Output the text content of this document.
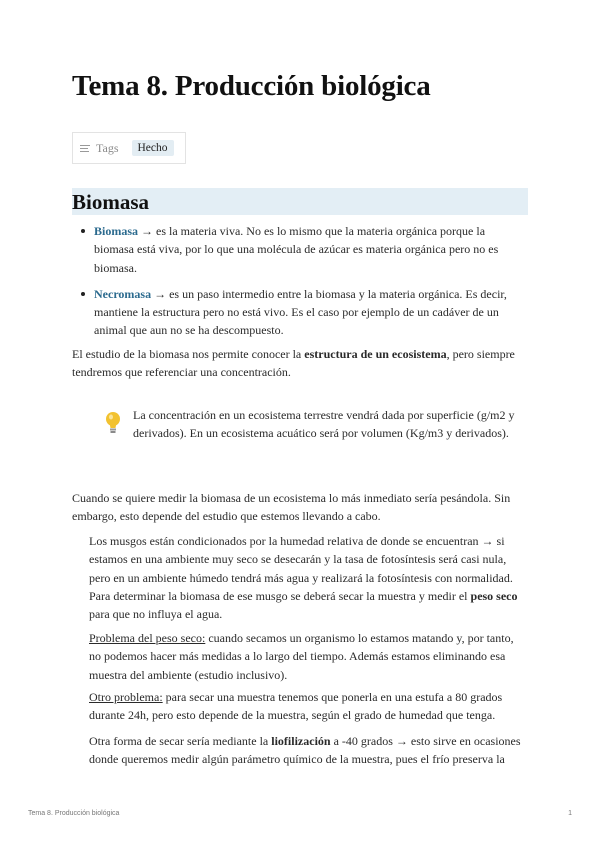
Tema 8. Producción biológica
Tags	Hecho
Biomasa
Biomasa → es la materia viva. No es lo mismo que la materia orgánica porque la biomasa está viva, por lo que una molécula de azúcar es materia orgánica pero no es biomasa.
Necromasa → es un paso intermedio entre la biomasa y la materia orgánica. Es decir, mantiene la estructura pero no está vivo. Es el caso por ejemplo de un cadáver de un animal que aun no se ha descompuesto.

El estudio de la biomasa nos permite conocer la estructura de un ecosistema, pero siempre tendremos que referenciar una concentración.

La concentración en un ecosistema terrestre vendrá dada por superficie (g/m2 y derivados). En un ecosistema acuático será por volumen (Kg/m3 y derivados).

Cuando se quiere medir la biomasa de un ecosistema lo más inmediato sería pesándola. Sin embargo, esto depende del estudio que estemos llevando a cabo.

Los musgos están condicionados por la humedad relativa de donde se encuentran → si estamos en una ambiente muy seco se desecarán y la tasa de fotosíntesis será casi nula, pero en un ambiente húmedo tendrá más agua y realizará la fotosíntesis con normalidad. Para determinar la biomasa de ese musgo se deberá secar la muestra y medir el peso seco para que no influya el agua.

Problema del peso seco: cuando secamos un organismo lo estamos matando y, por tanto, no podemos hacer más medidas a lo largo del tiempo. Además estamos eliminando esa muestra del ambiente (estudio inclusivo).

Otro problema: para secar una muestra tenemos que ponerla en una estufa a 80 grados durante 24h, pero esto depende de la muestra, según el grado de humedad que tenga.

Otra forma de secar sería mediante la liofilización a -40 grados → esto sirve en ocasiones donde queremos medir algún parámetro químico de la muestra, pues el frío preserva la

Tema 8. Producción biológica	1
